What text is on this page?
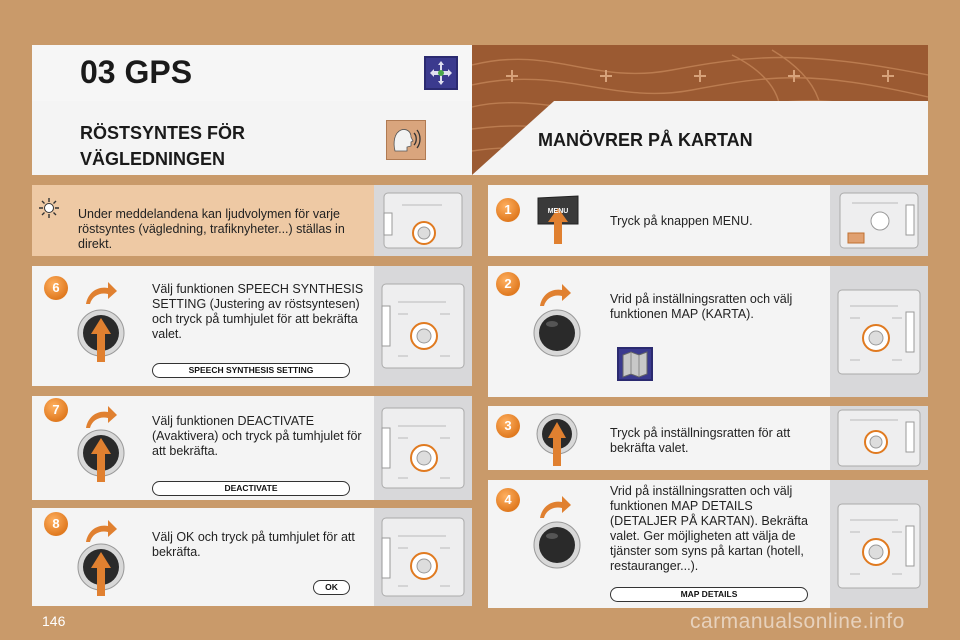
03 GPS
RÖSTSYNTES FÖR
VÄGLEDNINGEN
MANÖVRER PÅ KARTAN
Under meddelandena kan ljudvolymen för varje röstsyntes (vägledning, trafiknyheter...) ställas in direkt.
6	Välj funktionen SPEECH SYNTHESIS SETTING (Justering av röstsyntesen) och tryck på tumhjulet för att bekräfta valet.
SPEECH SYNTHESIS SETTING
7
Välj funktionen DEACTIVATE (Avaktivera) och tryck på tumhjulet för att bekräfta.
DEACTIVATE
8
Välj OK och tryck på tumhjulet för att bekräfta.
OK
1	MENU
Tryck på knappen MENU.
2
Vrid på inställningsratten och välj funktionen MAP (KARTA).
3	Tryck på inställningsratten för att bekräfta valet.
4
Vrid på inställningsratten och välj funktionen MAP DETAILS (DETALJER PÅ KARTAN). Bekräfta valet. Ger möjligheten att välja de tjänster som syns på kartan (hotell, restauranger...).
MAP DETAILS
146	carmanualsonline.info
